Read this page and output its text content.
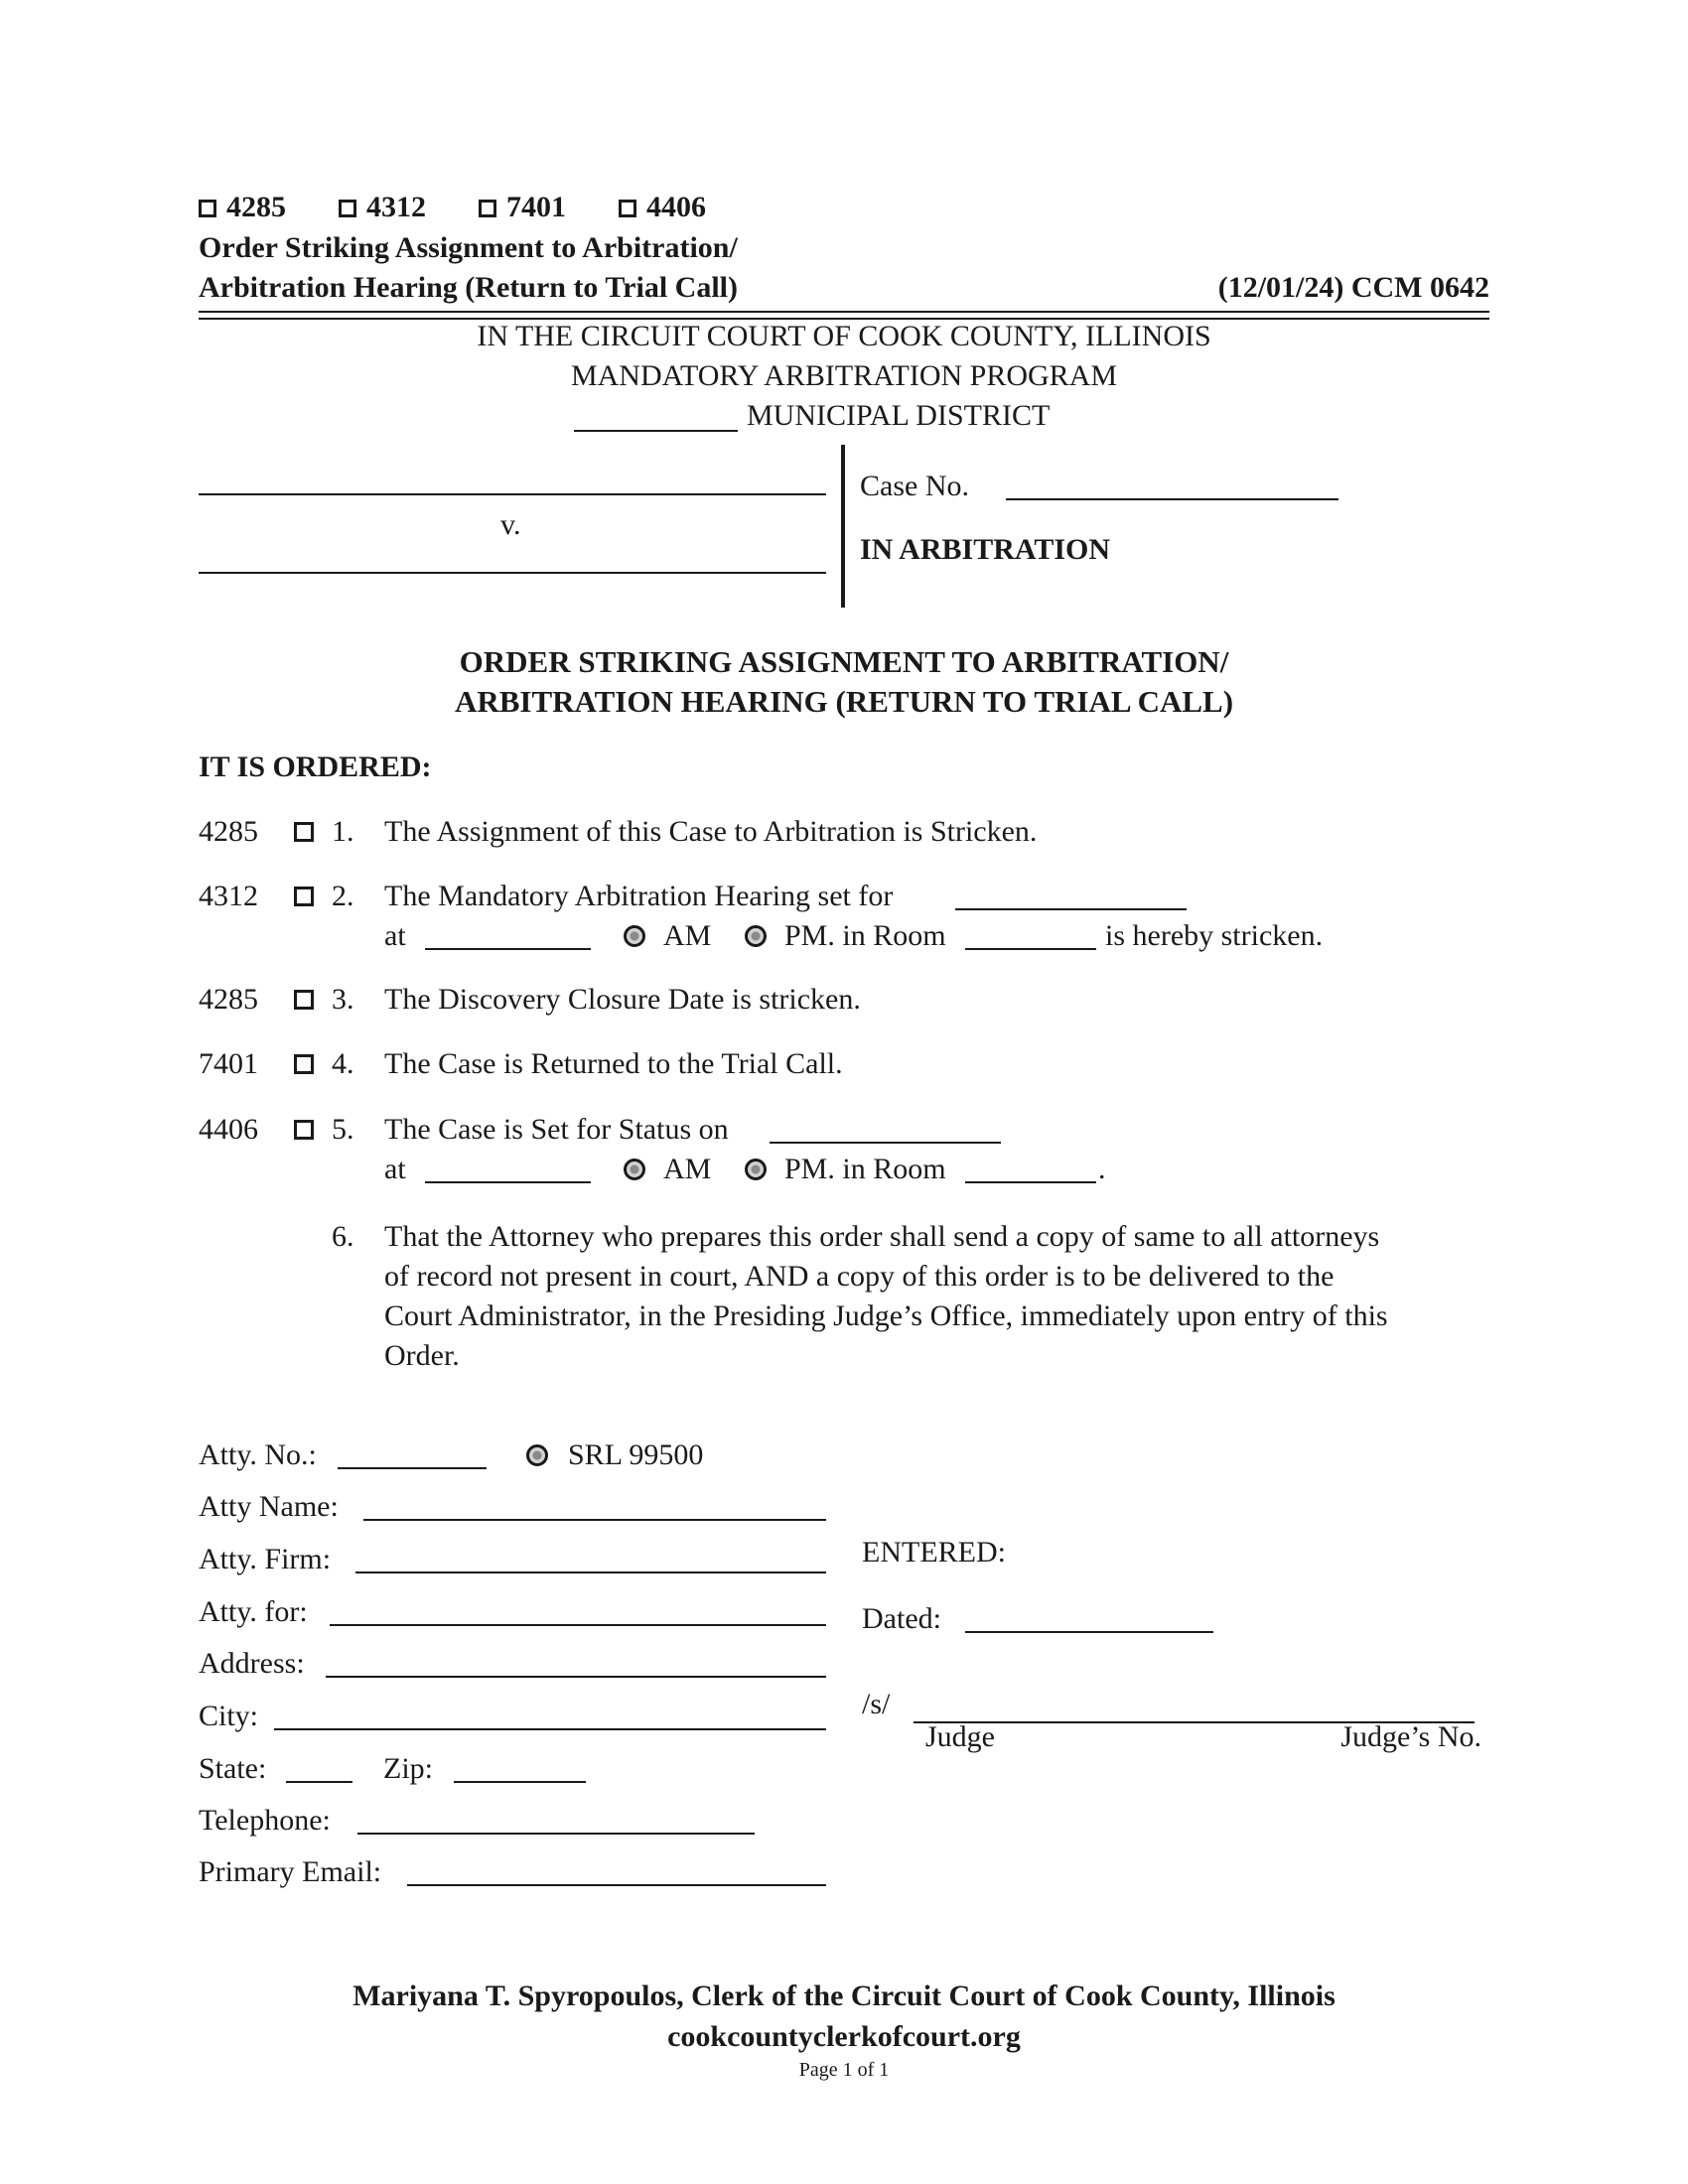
4285	4312	7401	4406
Order Striking Assignment to Arbitration/
Arbitration Hearing (Return to Trial Call)	(12/01/24) CCM 0642
IN THE CIRCUIT COURT OF COOK COUNTY, ILLINOIS
MANDATORY ARBITRATION PROGRAM
MUNICIPAL DISTRICT
v.
Case No.
IN ARBITRATION
ORDER STRIKING ASSIGNMENT TO ARBITRATION/
ARBITRATION HEARING (RETURN TO TRIAL CALL)
IT IS ORDERED:
4285 1. The Assignment of this Case to Arbitration is Stricken.
4312 2. The Mandatory Arbitration Hearing set for
at	AM PM. in Room	is hereby stricken.
4285 3. The Discovery Closure Date is stricken.
7401 4. The Case is Returned to the Trial Call.
4406 5. The Case is Set for Status on
at	AM PM. in Room	.
6. That the Attorney who prepares this order shall send a copy of same to all attorneys
of record not present in court, AND a copy of this order is to be delivered to the
Court Administrator, in the Presiding Judge’s Office, immediately upon entry of this
Order.
Atty. No.:	SRL 99500
Atty Name:
Atty. Firm:
Atty. for:
Address:
City:
State:	Zip:
Telephone:
Primary Email:
ENTERED:
Dated:
/s/
Judge	Judge’s No.
Mariyana T. Spyropoulos, Clerk of the Circuit Court of Cook County, Illinois
cookcountyclerkofcourt.org
Page 1 of 1
